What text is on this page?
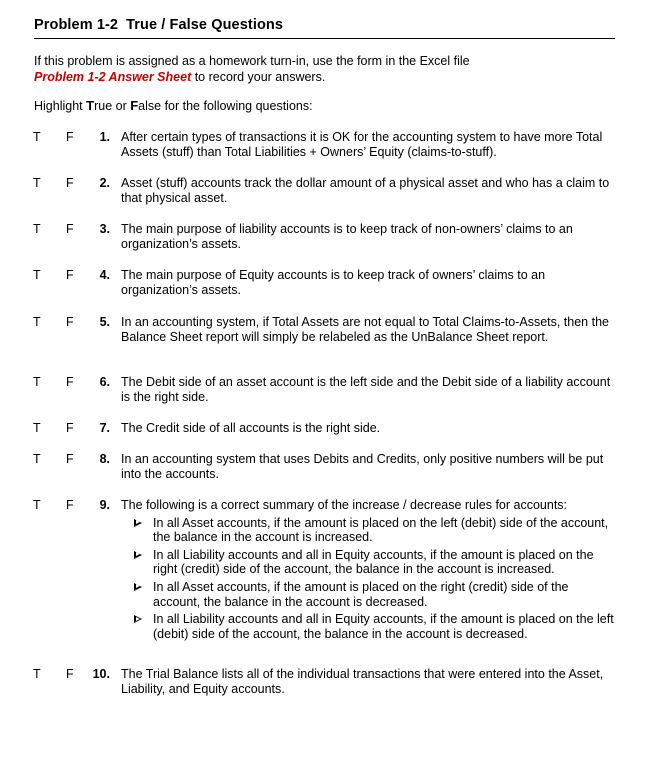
Problem 1-2 True / False Questions
If this problem is assigned as a homework turn-in, use the form in the Excel file
Problem 1-2 Answer Sheet to record your answers.
Highlight True or False for the following questions:
T F 1. After certain types of transactions it is OK for the accounting system to have more Total Assets (stuff) than Total Liabilities + Owners’ Equity (claims-to-stuff).
T F 2. Asset (stuff) accounts track the dollar amount of a physical asset and who has a claim to that physical asset.
T F 3. The main purpose of liability accounts is to keep track of non-owners’ claims to an organization’s assets.
T F 4. The main purpose of Equity accounts is to keep track of owners’ claims to an organization’s assets.
T F 5. In an accounting system, if Total Assets are not equal to Total Claims-to-Assets, then the Balance Sheet report will simply be relabeled as the UnBalance Sheet report.
T F 6. The Debit side of an asset account is the left side and the Debit side of a liability account is the right side.
T F 7. The Credit side of all accounts is the right side.
T F 8. In an accounting system that uses Debits and Credits, only positive numbers will be put into the accounts.
T F 9. The following is a correct summary of the increase / decrease rules for accounts:
In all Asset accounts, if the amount is placed on the left (debit) side of the account, the balance in the account is increased.
In all Liability accounts and all in Equity accounts, if the amount is placed on the right (credit) side of the account, the balance in the account is increased.
In all Asset accounts, if the amount is placed on the right (credit) side of the account, the balance in the account is decreased.
In all Liability accounts and all in Equity accounts, if the amount is placed on the left (debit) side of the account, the balance in the account is decreased.
T F 10. The Trial Balance lists all of the individual transactions that were entered into the Asset, Liability, and Equity accounts.
